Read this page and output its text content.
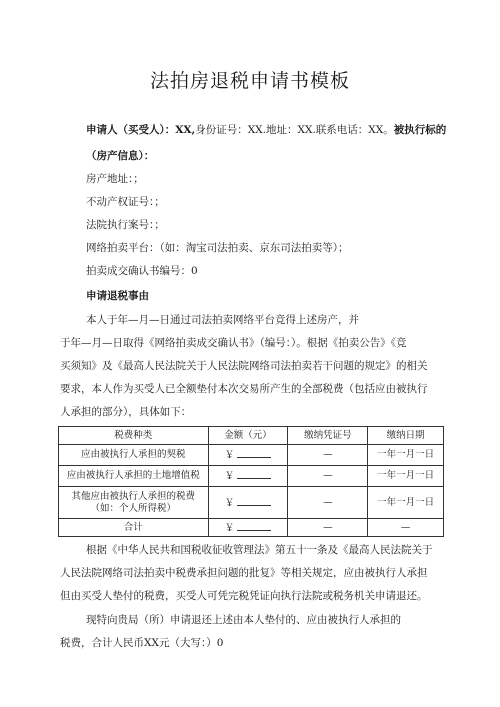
法拍房退税申请书模板
申请人（买受人）：XX,身份证号：XX.地址：XX.联系电话：XX。被执行标的
（房产信息）：
房产地址：；
不动产权证号：；
法院执行案号：；
网络拍卖平台：（如：淘宝司法拍卖、京东司法拍卖等）；
拍卖成交确认书编号：0
申请退税事由
本人于年—月—日通过司法拍卖网络平台竞得上述房产，并
于年—月—日取得《网络拍卖成交确认书》（编号：）。根据《拍卖公告》《竞
买须知》及《最高人民法院关于人民法院网络司法拍卖若干问题的规定》的相关
要求，本人作为买受人已全额垫付本次交易所产生的全部税费（包括应由被执行
人承担的部分），具体如下：
税费种类	金额（元）	缴纳凭证号	缴纳日期
应由被执行人承担的契税	￥	—	一年一月一日
应由被执行人承担的土地增值税	￥	—	一年一月一日

其他应由被执行人承担的税费
（如：个人所得税）	￥	—	一年一月一日
合计	￥	—	—
根据《中华人民共和国税收征收管理法》第五十一条及《最高人民法院关于
人民法院网络司法拍卖中税费承担问题的批复》等相关规定，应由被执行人承担
但由买受人垫付的税费，买受人可凭完税凭证向执行法院或税务机关申请退还。
现特向贵局（所）申请退还上述由本人垫付的、应由被执行人承担的
税费，合计人民币XX元（大写：）0
